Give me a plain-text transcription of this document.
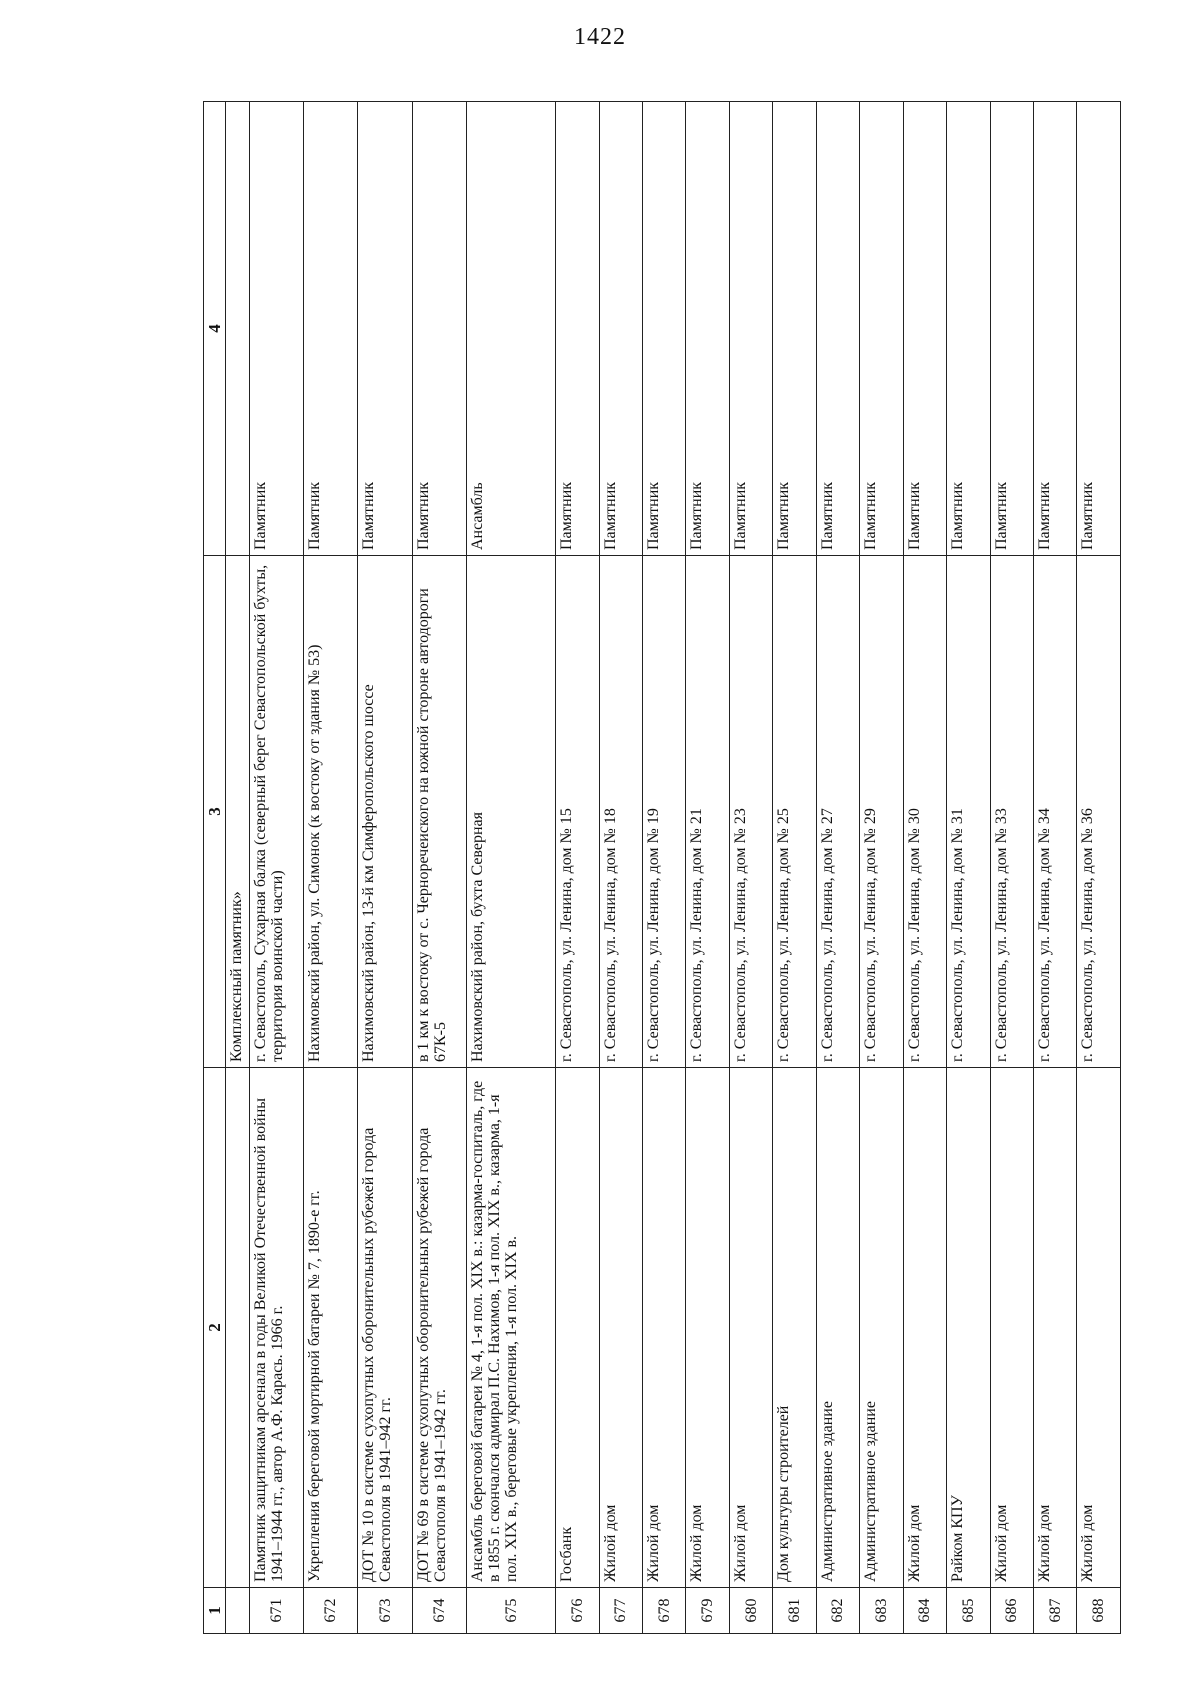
1422
1	2	3	4
		Комплексный памятник»	
671	Памятник защитникам арсенала в годы Великой Отечественной войны 1941–1944 гг., автор А.Ф. Карась. 1966 г.	г. Севастополь, Сухарная балка (северный берег Севастопольской бухты, территория воинской части)	Памятник
672	Укрепления береговой мортирной батареи № 7, 1890-е гг.	Нахимовский район, ул. Симонок (к востоку от здания № 53)	Памятник
673	ДОТ № 10 в системе сухопутных оборонительных рубежей города Севастополя в 1941–942 гг.	Нахимовский район, 13-й км Симферопольского шоссе	Памятник
674	ДОТ № 69 в системе сухопутных оборонительных рубежей города Севастополя в 1941–1942 гг.	в 1 км к востоку от с. Черноречеиского на южной стороне автодороги 67К-5	Памятник
675	Ансамбль береговой батареи № 4, 1-я пол. XIX в.: казарма-госпиталь, где в 1855 г. скончался адмирал П.С. Нахимов, 1-я пол. XIX в., казарма, 1-я пол. XIX в., береговые укрепления, 1-я пол. XIX в.	Нахимовский район, бухта Северная	Ансамбль
676	Госбанк	г. Севастополь, ул. Ленина, дом № 15	Памятник
677	Жилой дом	г. Севастополь, ул. Ленина, дом № 18	Памятник
678	Жилой дом	г. Севастополь, ул. Ленина, дом № 19	Памятник
679	Жилой дом	г. Севастополь, ул. Ленина, дом № 21	Памятник
680	Жилой дом	г. Севастополь, ул. Ленина, дом № 23	Памятник
681	Дом культуры строителей	г. Севастополь, ул. Ленина, дом № 25	Памятник
682	Административное здание	г. Севастополь, ул. Ленина, дом № 27	Памятник
683	Административное здание	г. Севастополь, ул. Ленина, дом № 29	Памятник
684	Жилой дом	г. Севастополь, ул. Ленина, дом № 30	Памятник
685	Райком КПУ	г. Севастополь, ул. Ленина, дом № 31	Памятник
686	Жилой дом	г. Севастополь, ул. Ленина, дом № 33	Памятник
687	Жилой дом	г. Севастополь, ул. Ленина, дом № 34	Памятник
688	Жилой дом	г. Севастополь, ул. Ленина, дом № 36	Памятник
